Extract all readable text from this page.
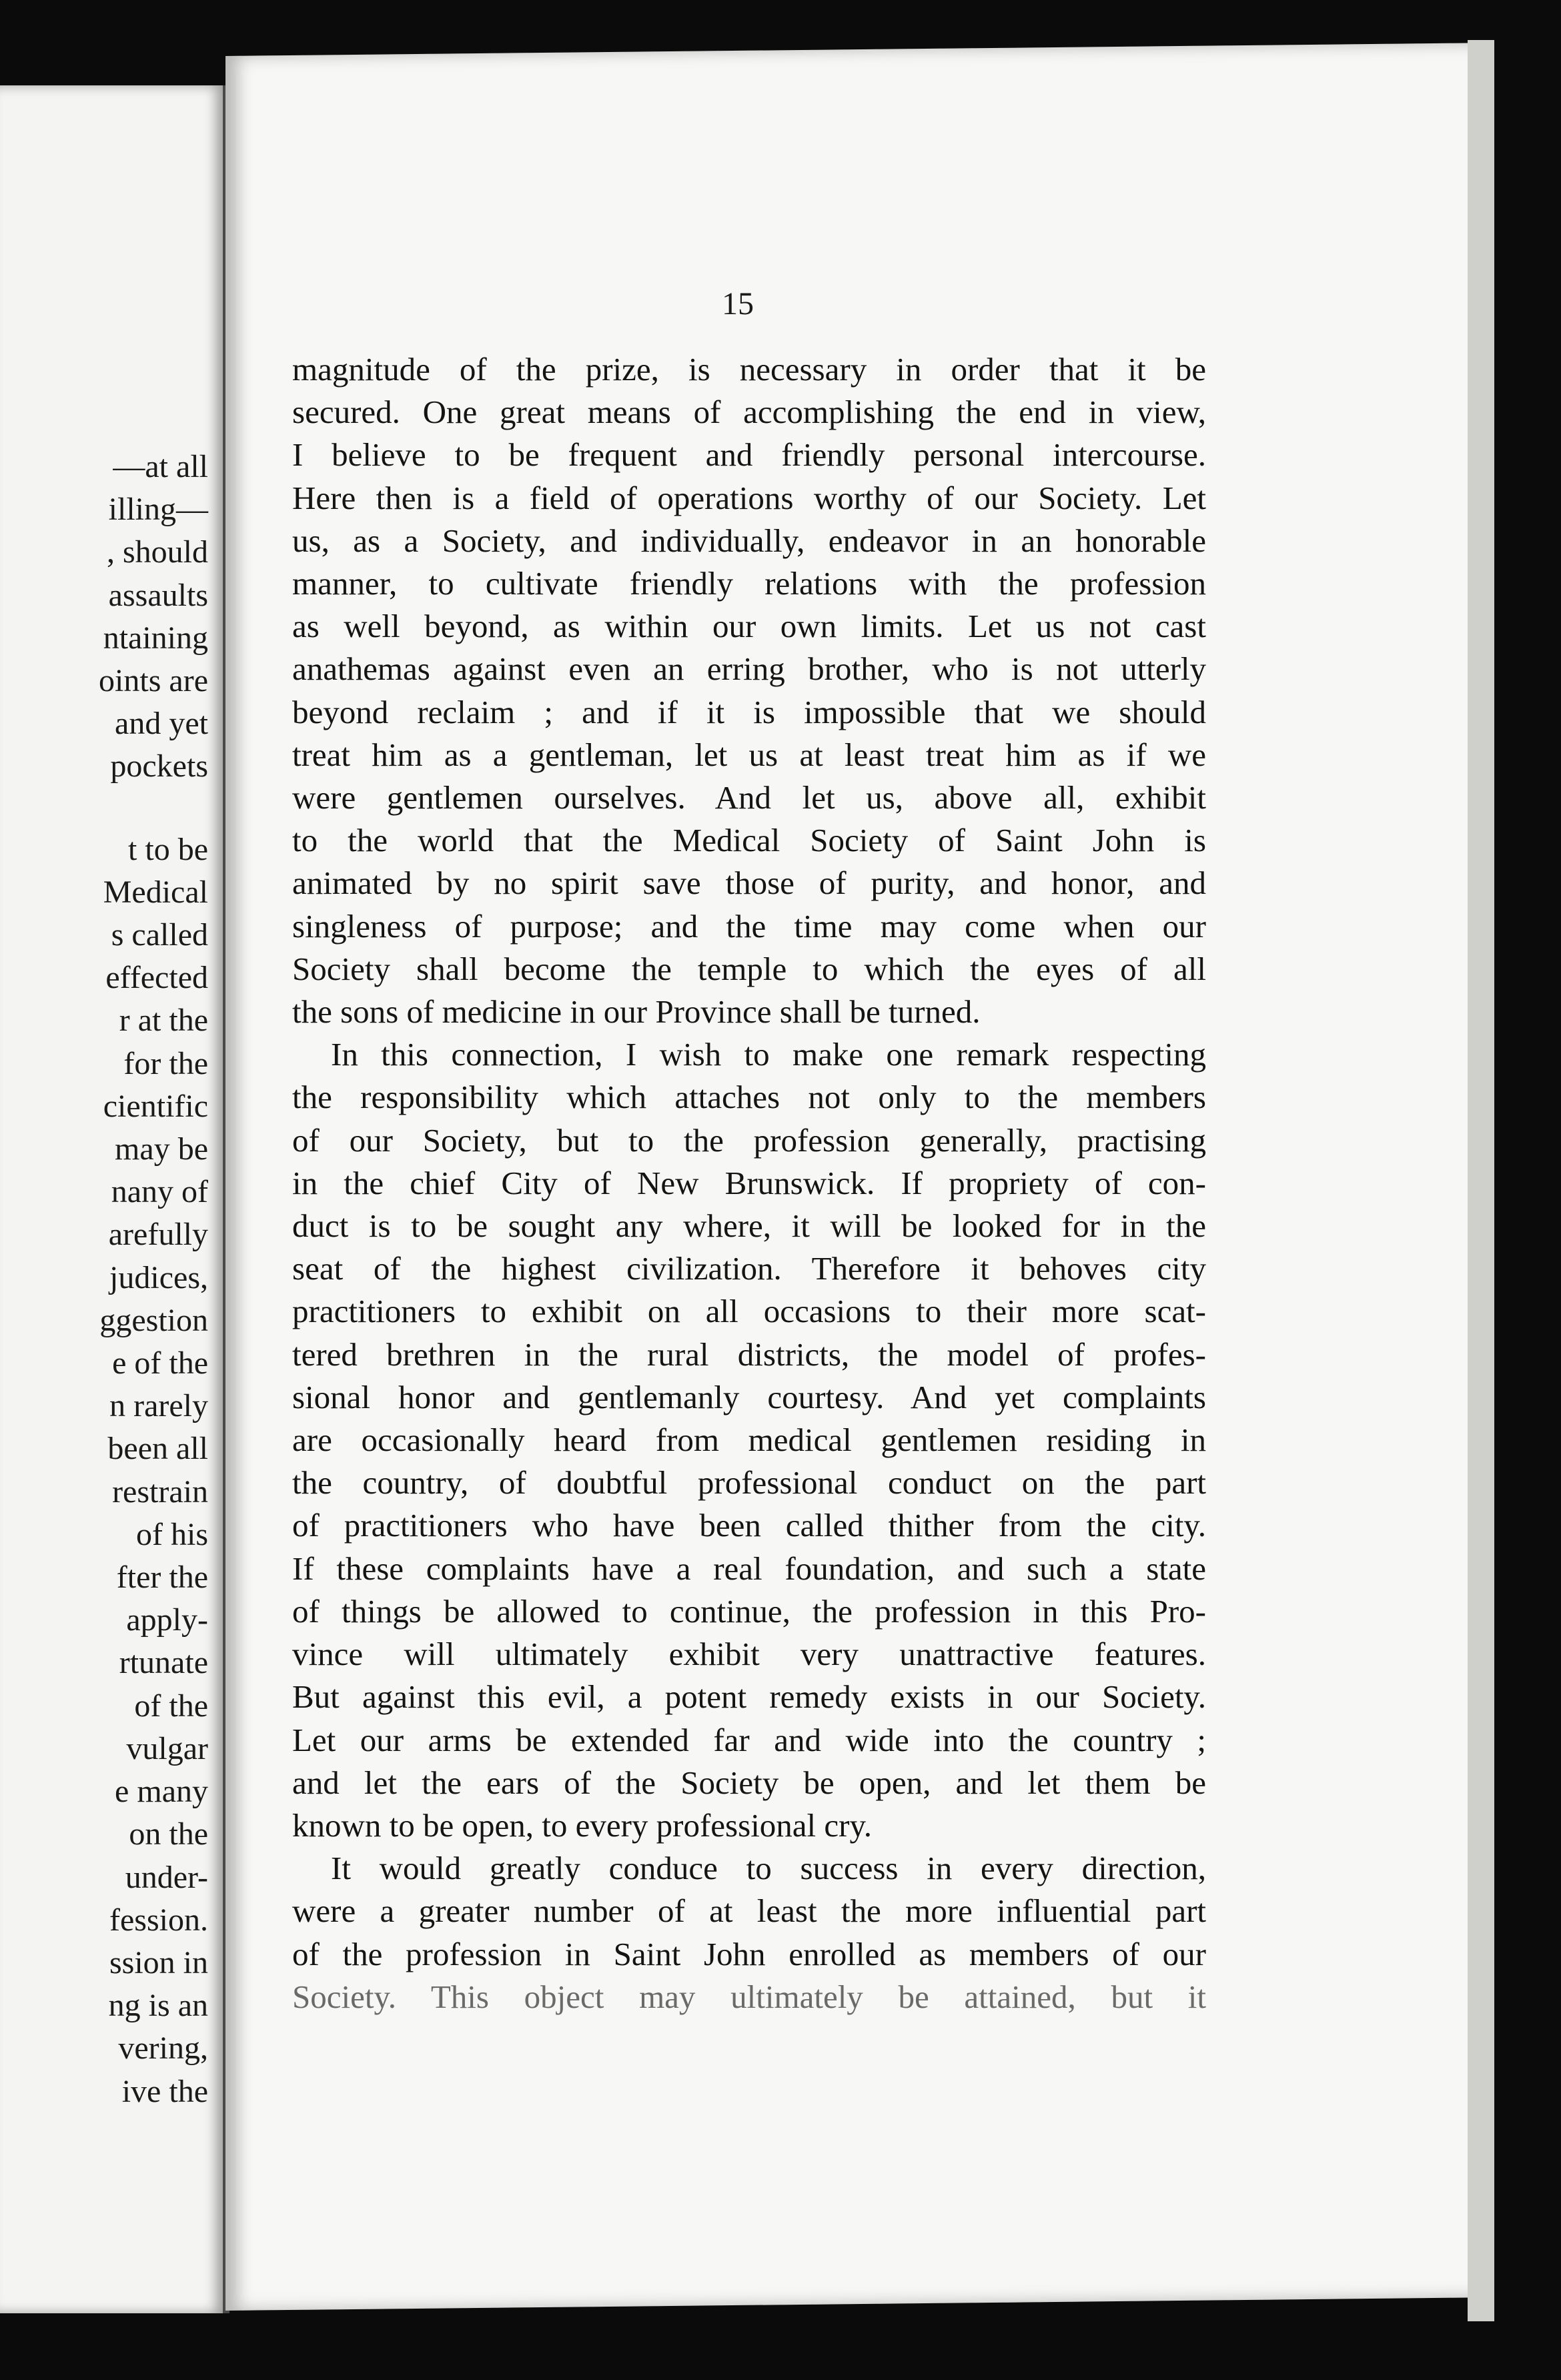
—at all
illing—
, should
assaults
ntaining
oints are
and yet
pockets
t to be
Medical
s called
effected
r at the
for the
cientific
may be
nany of
arefully
judices,
ggestion
e of the
n rarely
been all
restrain
of his
fter the
apply-
rtunate
of the
vulgar
e many
on the
under-
fession.
ssion in
ng is an
vering,
ive the
15
magnitude of the prize, is necessary in order that it be
secured. One great means of accomplishing the end in view,
I believe to be frequent and friendly personal intercourse.
Here then is a field of operations worthy of our Society. Let
us, as a Society, and individually, endeavor in an honorable
manner, to cultivate friendly relations with the profession
as well beyond, as within our own limits. Let us not cast
anathemas against even an erring brother, who is not utterly
beyond reclaim ; and if it is impossible that we should
treat him as a gentleman, let us at least treat him as if we
were gentlemen ourselves. And let us, above all, exhibit
to the world that the Medical Society of Saint John is
animated by no spirit save those of purity, and honor, and
singleness of purpose; and the time may come when our
Society shall become the temple to which the eyes of all
the sons of medicine in our Province shall be turned.
In this connection, I wish to make one remark respecting
the responsibility which attaches not only to the members
of our Society, but to the profession generally, practising
in the chief City of New Brunswick. If propriety of con-
duct is to be sought any where, it will be looked for in the
seat of the highest civilization. Therefore it behoves city
practitioners to exhibit on all occasions to their more scat-
tered brethren in the rural districts, the model of profes-
sional honor and gentlemanly courtesy. And yet complaints
are occasionally heard from medical gentlemen residing in
the country, of doubtful professional conduct on the part
of practitioners who have been called thither from the city.
If these complaints have a real foundation, and such a state
of things be allowed to continue, the profession in this Pro-
vince will ultimately exhibit very unattractive features.
But against this evil, a potent remedy exists in our Society.
Let our arms be extended far and wide into the country ;
and let the ears of the Society be open, and let them be
known to be open, to every professional cry.
It would greatly conduce to success in every direction,
were a greater number of at least the more influential part
of the profession in Saint John enrolled as members of our
Society. This object may ultimately be attained, but it
